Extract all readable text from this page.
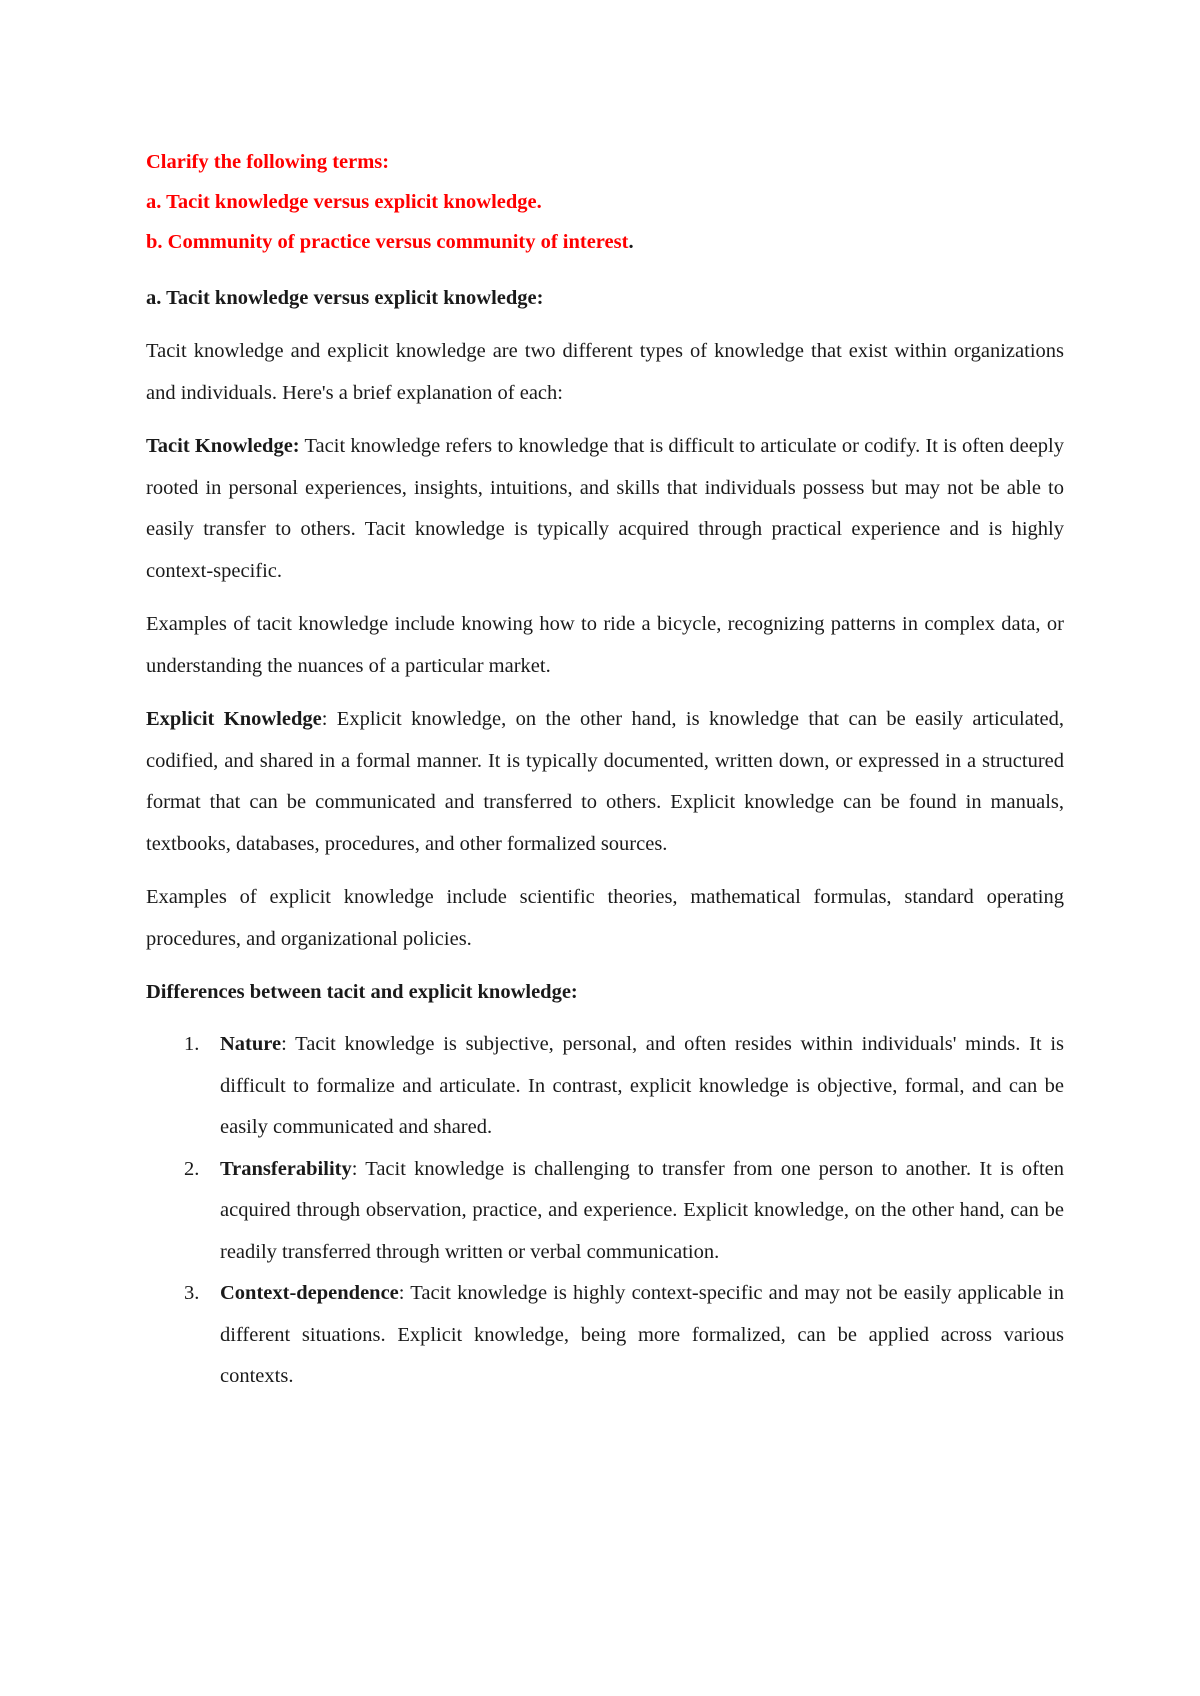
Clarify the following terms:

a. Tacit knowledge versus explicit knowledge.

b. Community of practice versus community of interest.

a. Tacit knowledge versus explicit knowledge:

Tacit knowledge and explicit knowledge are two different types of knowledge that exist within organizations and individuals. Here's a brief explanation of each:

Tacit Knowledge: Tacit knowledge refers to knowledge that is difficult to articulate or codify. It is often deeply rooted in personal experiences, insights, intuitions, and skills that individuals possess but may not be able to easily transfer to others. Tacit knowledge is typically acquired through practical experience and is highly context-specific.

Examples of tacit knowledge include knowing how to ride a bicycle, recognizing patterns in complex data, or understanding the nuances of a particular market.

Explicit Knowledge: Explicit knowledge, on the other hand, is knowledge that can be easily articulated, codified, and shared in a formal manner. It is typically documented, written down, or expressed in a structured format that can be communicated and transferred to others. Explicit knowledge can be found in manuals, textbooks, databases, procedures, and other formalized sources.

Examples of explicit knowledge include scientific theories, mathematical formulas, standard operating procedures, and organizational policies.

Differences between tacit and explicit knowledge:

1. Nature: Tacit knowledge is subjective, personal, and often resides within individuals' minds. It is difficult to formalize and articulate. In contrast, explicit knowledge is objective, formal, and can be easily communicated and shared.
2. Transferability: Tacit knowledge is challenging to transfer from one person to another. It is often acquired through observation, practice, and experience. Explicit knowledge, on the other hand, can be readily transferred through written or verbal communication.
3. Context-dependence: Tacit knowledge is highly context-specific and may not be easily applicable in different situations. Explicit knowledge, being more formalized, can be applied across various contexts.
